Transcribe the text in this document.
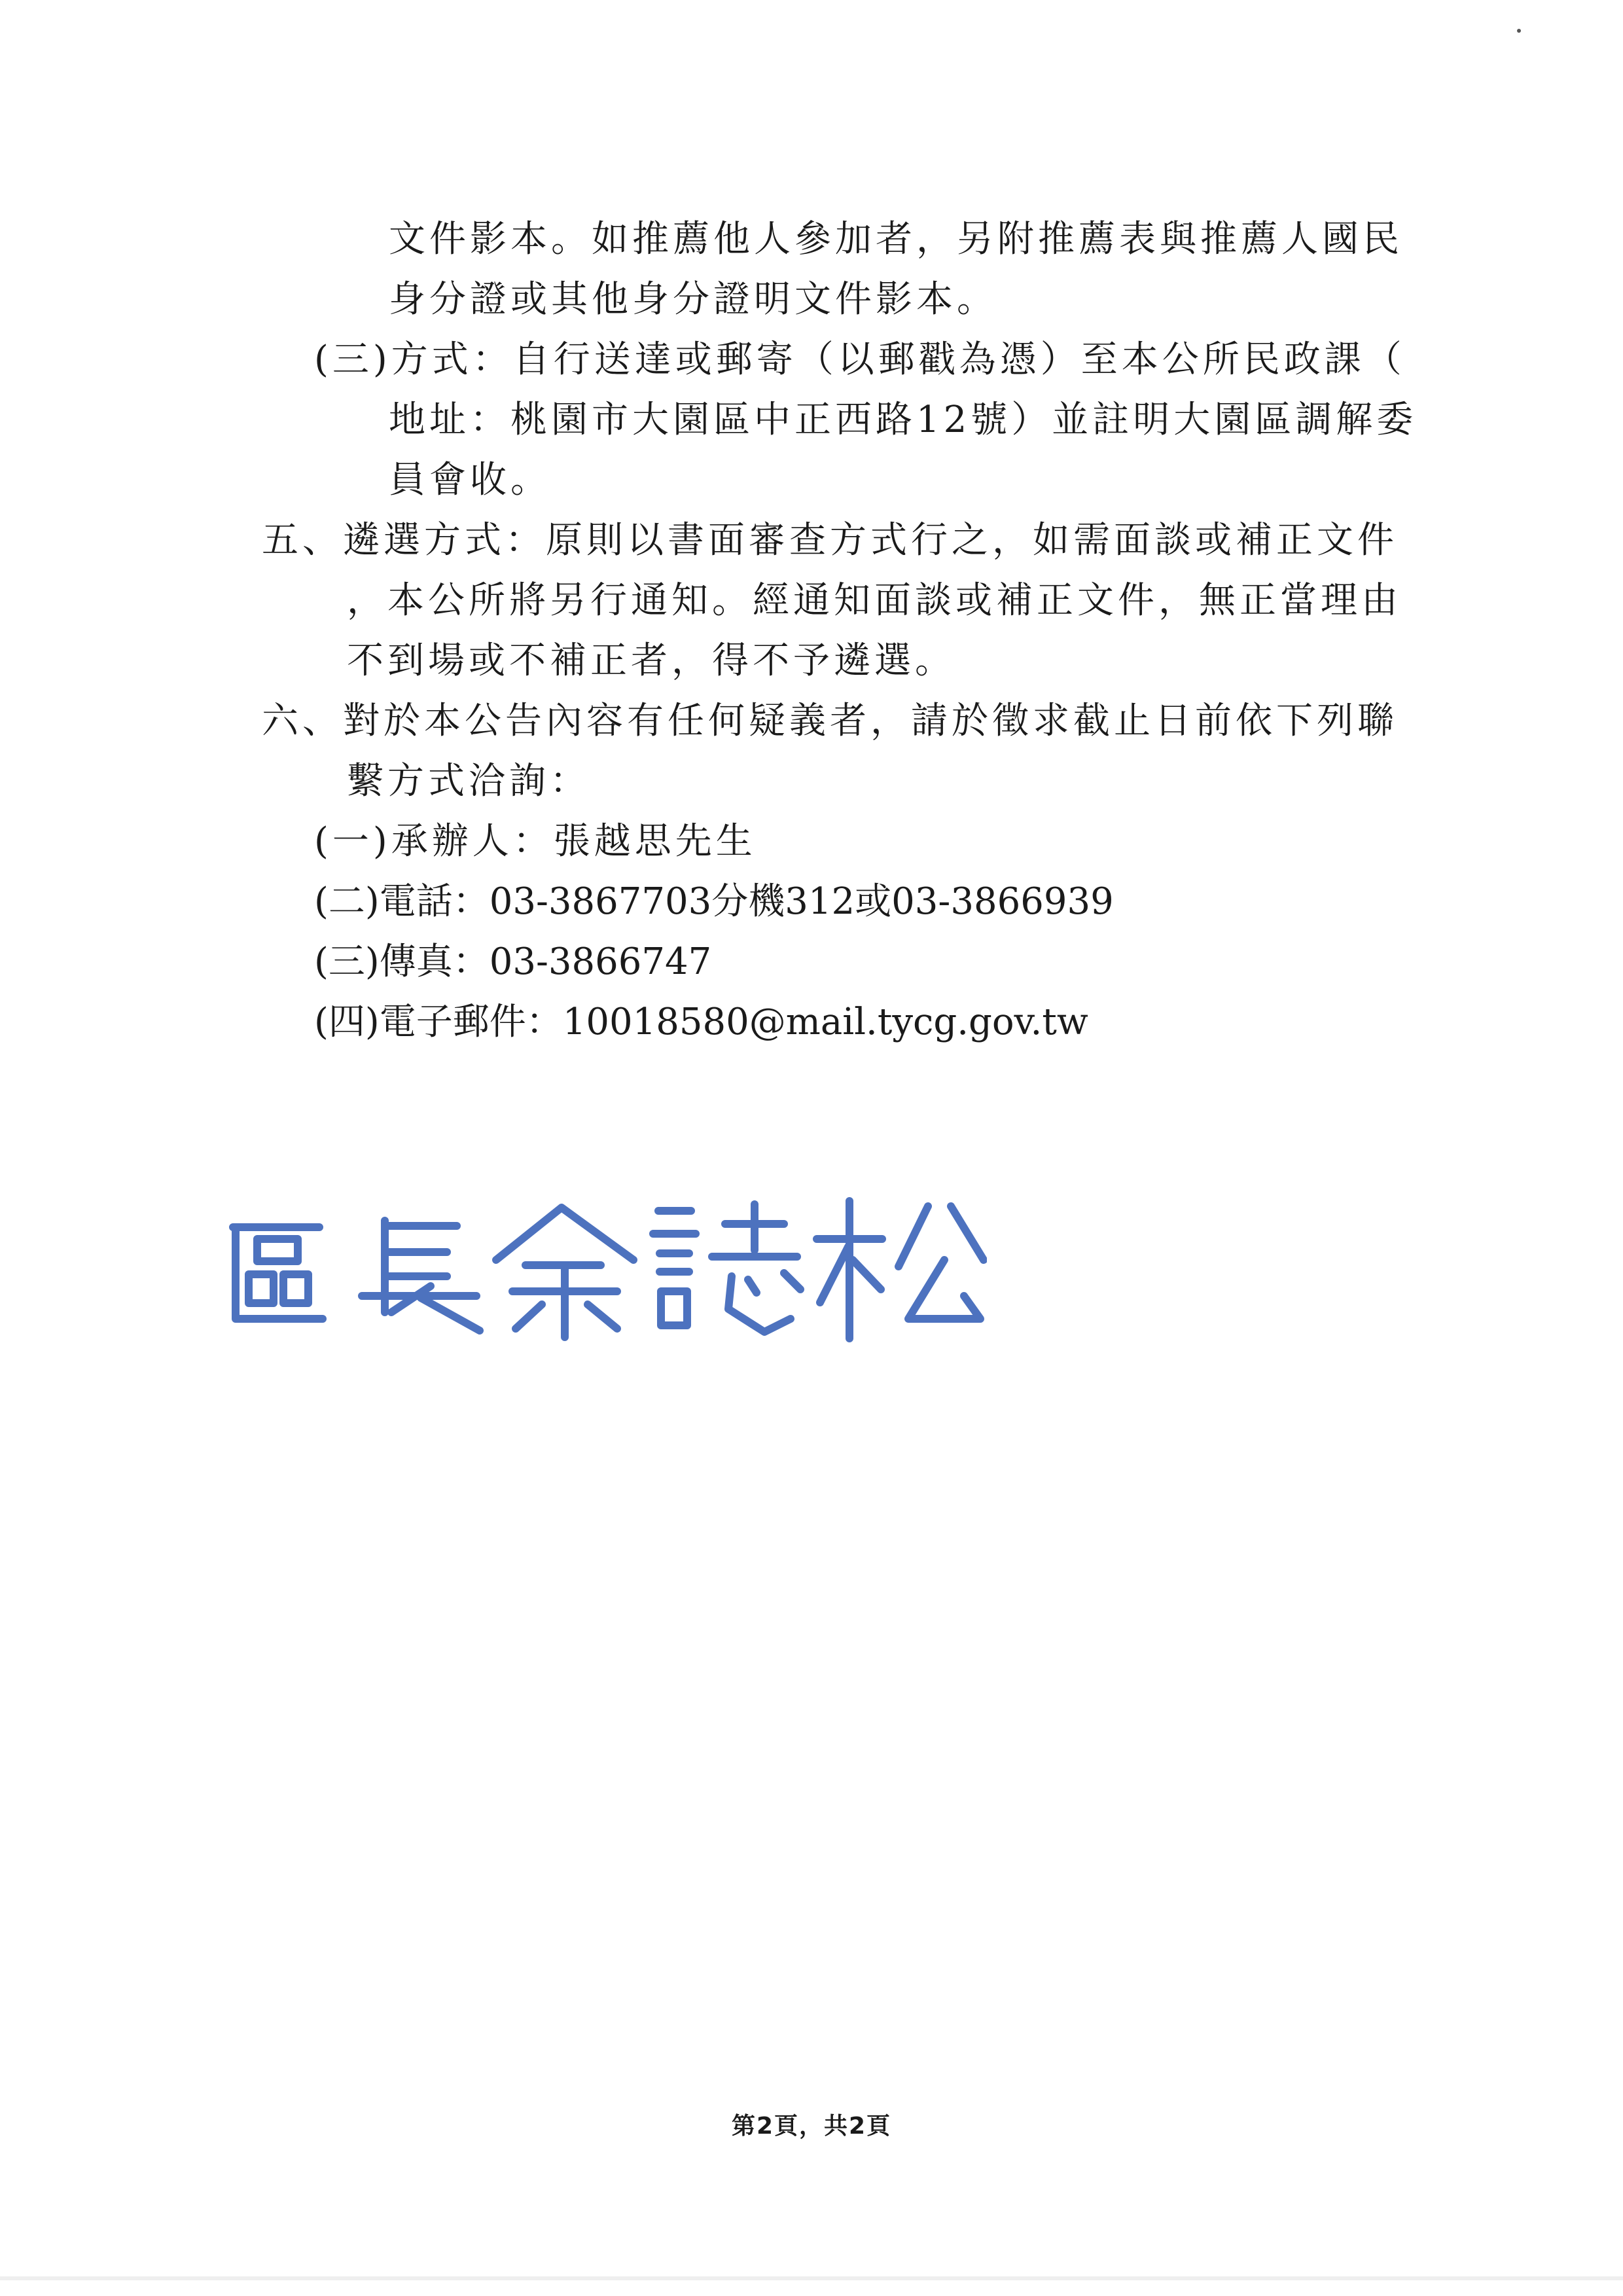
文件影本。如推薦他人參加者，另附推薦表與推薦人國民
身分證或其他身分證明文件影本。
(三)方式：自行送達或郵寄（以郵戳為憑）至本公所民政課（
地址：桃園市大園區中正西路12號）並註明大園區調解委
員會收。
五、遴選方式：原則以書面審查方式行之，如需面談或補正文件
，本公所將另行通知。經通知面談或補正文件，無正當理由
不到場或不補正者，得不予遴選。
六、對於本公告內容有任何疑義者，請於徵求截止日前依下列聯
繫方式洽詢：
(一)承辦人：張越思先生
(二)電話：03-3867703分機312或03-3866939
(三)傳真：03-3866747
(四)電子郵件：10018580@mail.tycg.gov.tw
第2頁，共2頁
